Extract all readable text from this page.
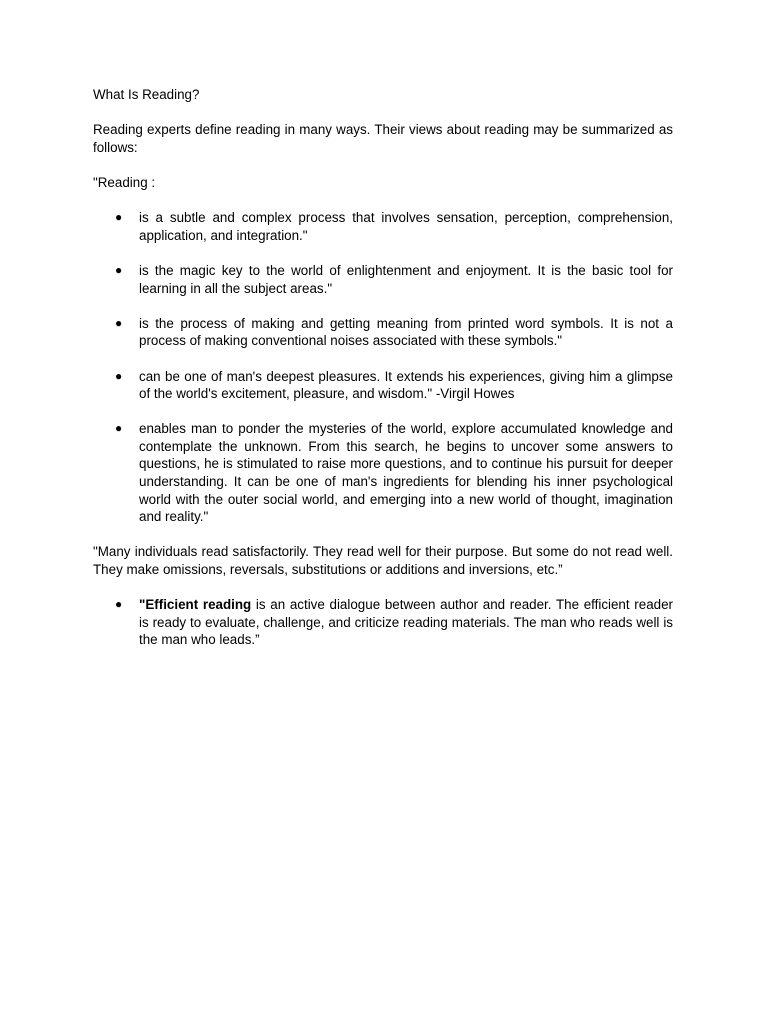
What Is Reading?

Reading experts define reading in many ways. Their views about reading may be summarized as follows:

"Reading :

● is a subtle and complex process that involves sensation, perception, comprehension, application, and integration."
● is the magic key to the world of enlightenment and enjoyment. It is the basic tool for learning in all the subject areas."
● is the process of making and getting meaning from printed word symbols. It is not a process of making conventional noises associated with these symbols."
● can be one of man's deepest pleasures. It extends his experiences, giving him a glimpse of the world's excitement, pleasure, and wisdom." -Virgil Howes
● enables man to ponder the mysteries of the world, explore accumulated knowledge and contemplate the unknown. From this search, he begins to uncover some answers to questions, he is stimulated to raise more questions, and to continue his pursuit for deeper understanding. It can be one of man's ingredients for blending his inner psychological world with the outer social world, and emerging into a new world of thought, imagination and reality."

"Many individuals read satisfactorily. They read well for their purpose. But some do not read well. They make omissions, reversals, substitutions or additions and inversions, etc.”

● "Efficient reading is an active dialogue between author and reader. The efficient reader is ready to evaluate, challenge, and criticize reading materials. The man who reads well is the man who leads.”
